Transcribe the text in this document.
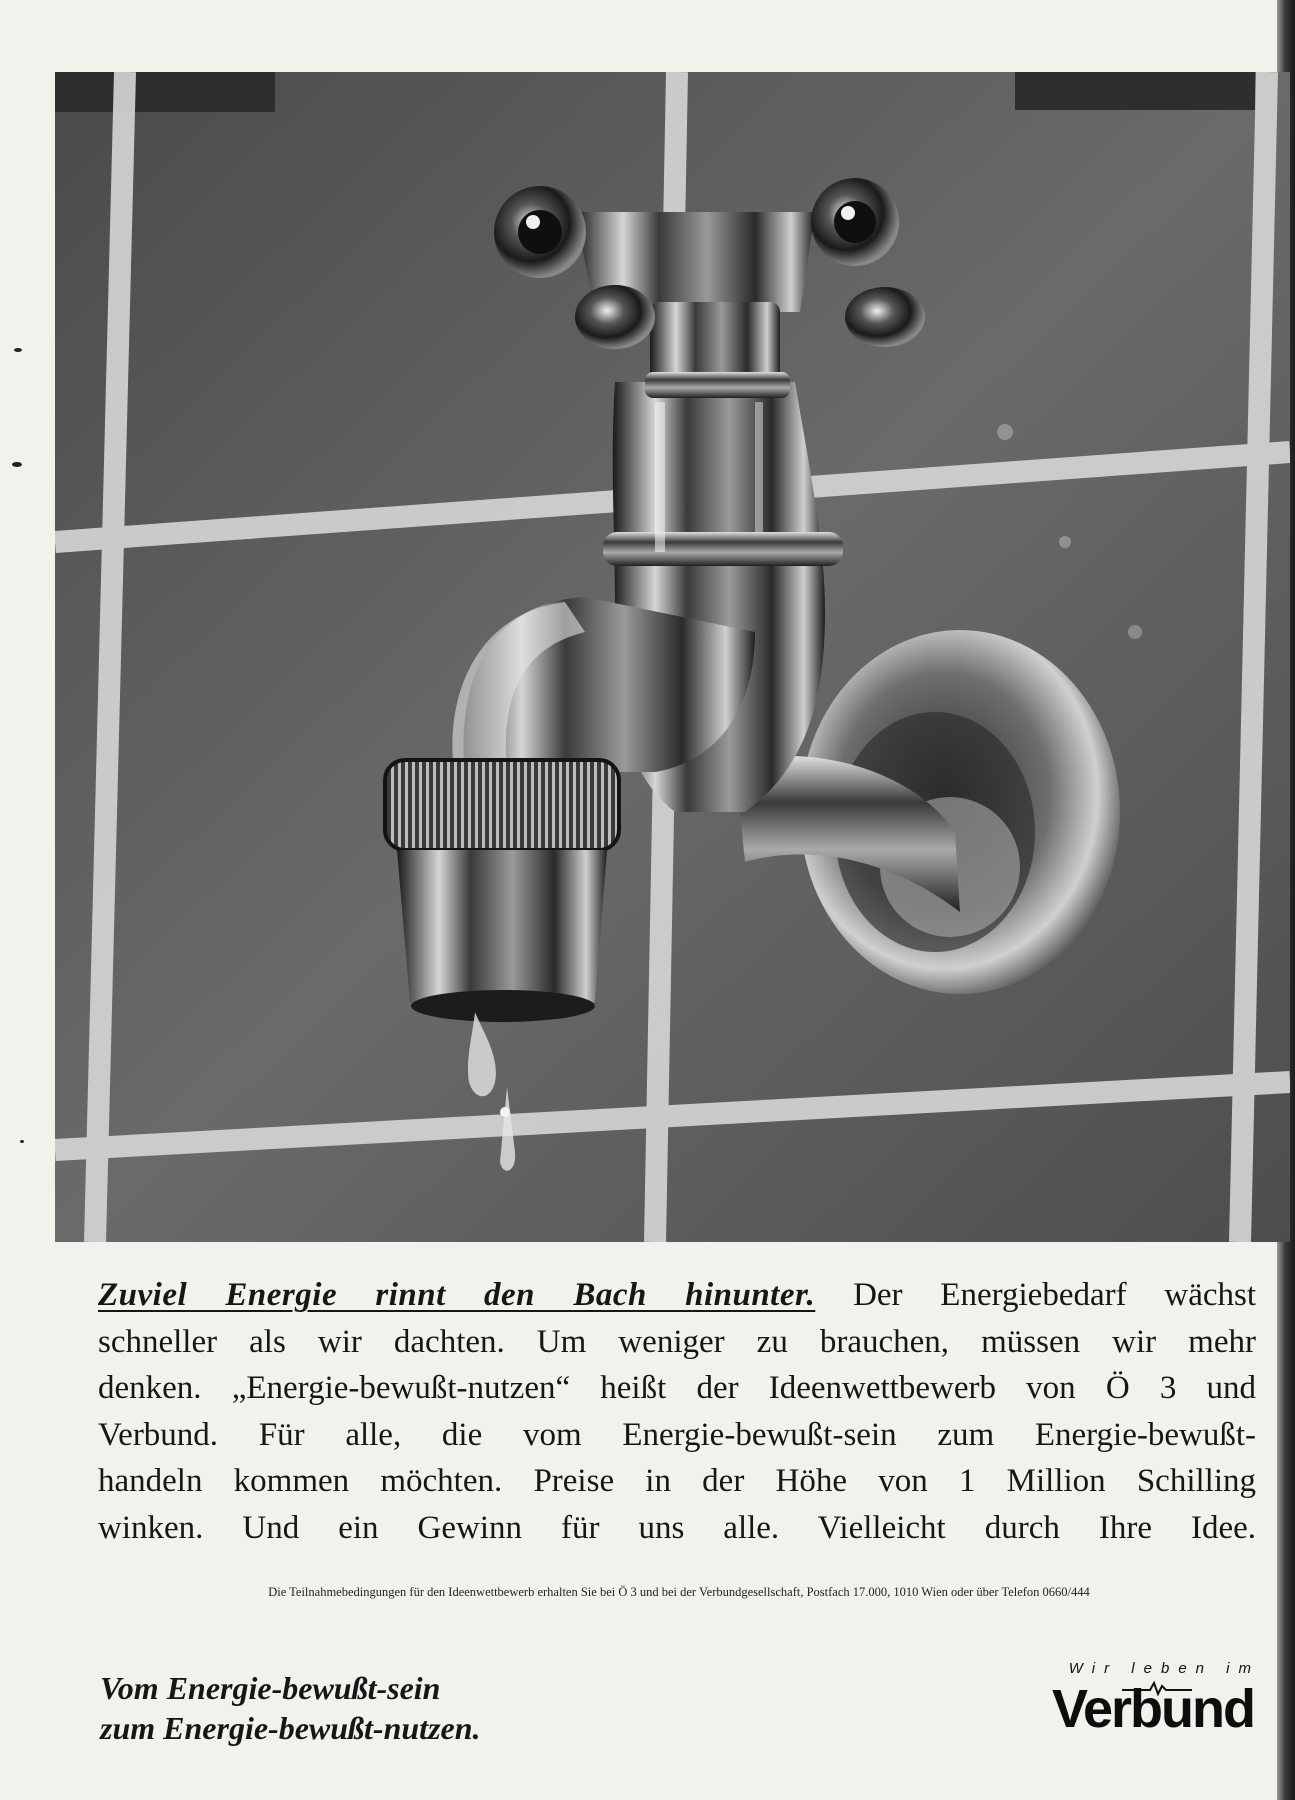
Zuviel Energie rinnt den Bach hinunter. Der Energiebedarf wächst
schneller als wir dachten. Um weniger zu brauchen, müssen wir mehr
denken. „Energie-bewußt-nutzen“ heißt der Ideenwettbewerb von Ö 3 und
Verbund. Für alle, die vom Energie-bewußt-sein zum Energie-bewußt-
handeln kommen möchten. Preise in der Höhe von 1 Million Schilling
winken. Und ein Gewinn für uns alle. Vielleicht durch Ihre Idee.
Die Teilnahmebedingungen für den Ideenwettbewerb erhalten Sie bei Ö 3 und bei der Verbundgesellschaft, Postfach 17.000, 1010 Wien oder über Telefon 0660/444
Vom Energie-bewußt-sein
zum Energie-bewußt-nutzen.
Wir leben im
Verbund
